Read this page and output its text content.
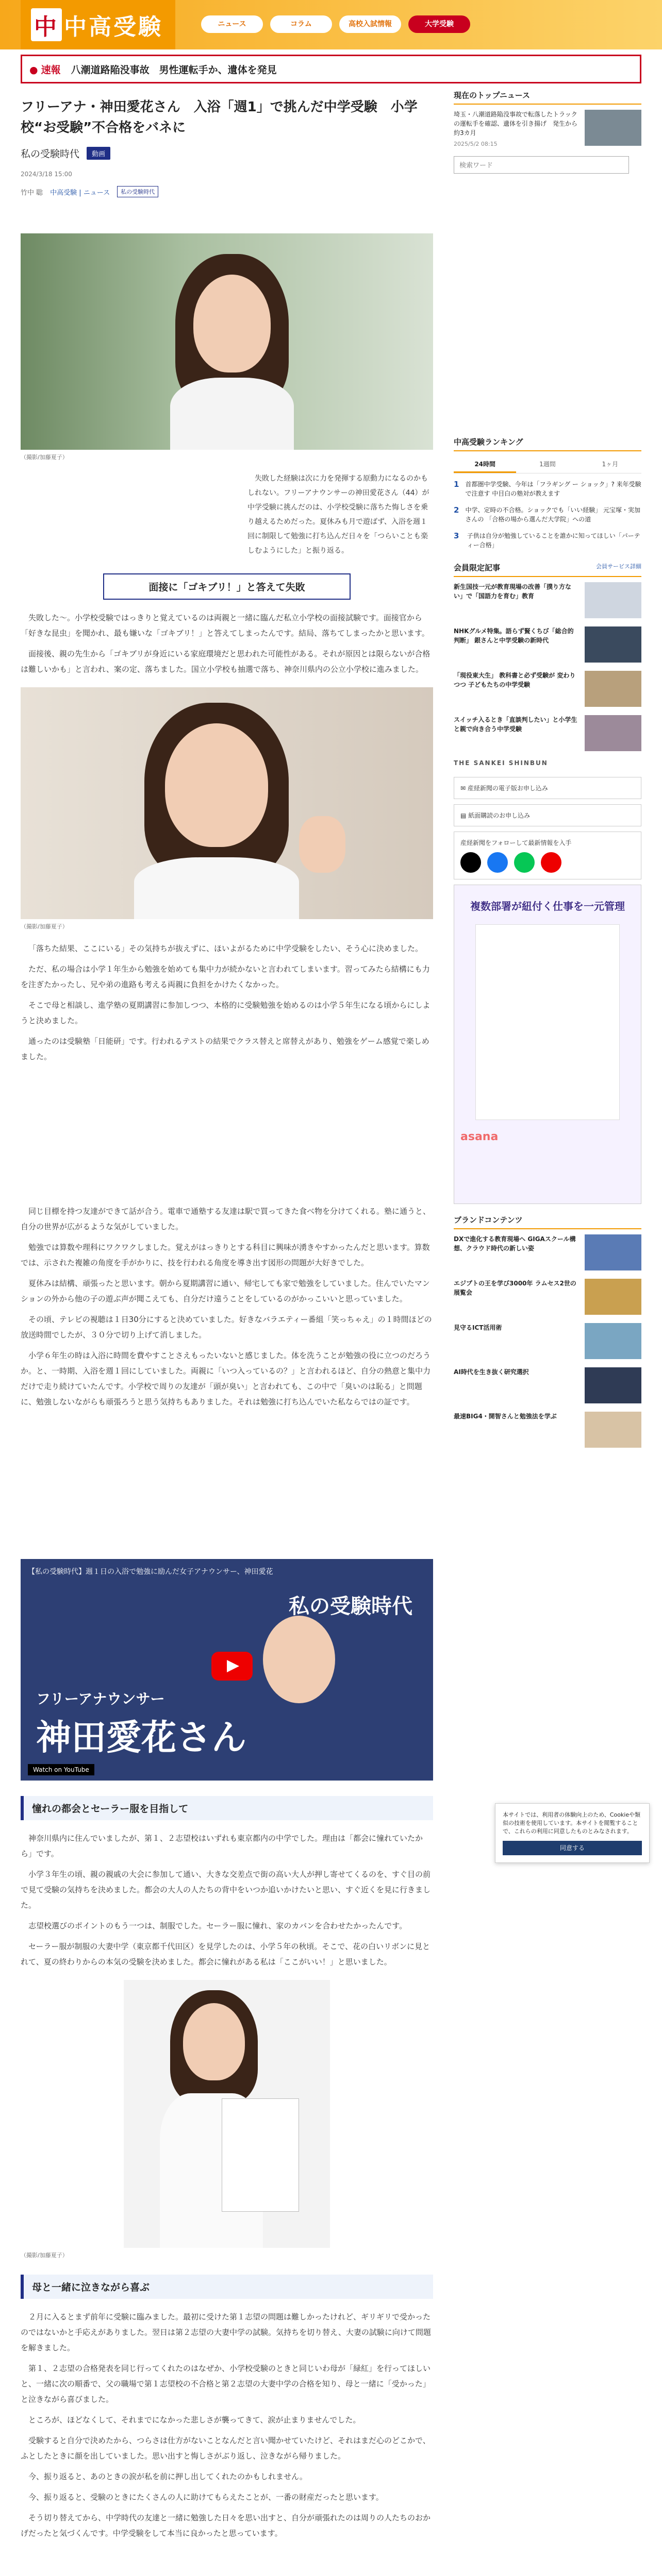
中 中高受験	ニュース	コラム	高校入試情報	大学受験
● 速報 八潮道路陥没事故　男性運転手か、遺体を発見
フリーアナ・神田愛花さん　入浴「週1」で挑んだ中学受験　小学校“お受験”不合格をバネに
私の受験時代	動画
2024/3/18 15:00
竹中 聡 中高受験 | ニュース	私の受験時代
（撮影/加藤夏子）

失敗した経験は次に力を発揮する原動力になるのかもしれない。フリーアナウンサーの神田愛花さん（44）が中学受験に挑んだのは、小学校受験に落ちた悔しさを乗り越えるためだった。夏休みも月で遊ばず、入浴を週１回に制限して勉強に打ち込んだ日々を「つらいことも楽しむようにした」と振り返る。

面接に「ゴキブリ！」と答えて失敗

失敗した～。小学校受験ではっきりと覚えているのは両親と一緒に臨んだ私立小学校の面接試験です。面接官から「好きな昆虫」を聞かれ、最も嫌いな「ゴキブリ！」と答えてしまったんです。結局、落ちてしまったかと思います。

面接後、親の先生から「ゴキブリが身近にいる家庭環境だと思われた可能性がある。それが原因とは限らないが合格は難しいかも」と言われ、案の定、落ちました。国立小学校も抽選で落ち、神奈川県内の公立小学校に進みました。

（撮影/加藤夏子）

「落ちた結果、ここにいる」その気持ちが抜えずに、ほいよがるために中学受験をしたい、そう心に決めました。

ただ、私の場合は小学１年生から勉強を始めても集中力が続かないと言われてしまいます。習ってみたら結構にも力を注ぎたかったし、兄や弟の進路も考える両親に負担をかけたくなかった。

そこで母と相談し、進学塾の夏期講習に参加しつつ、本格的に受験勉強を始めるのは小学５年生になる頃からにしようと決めました。

通ったのは受験塾「日能研」です。行われるテストの結果でクラス替えと席替えがあり、勉強をゲーム感覚で楽しめました。

同じ目標を持つ友達ができて話が合う。電車で通塾する友達は駅で買ってきた食べ物を分けてくれる。塾に通うと、自分の世界が広がるような気がしていました。

勉強では算数や理科にワクワクしました。覚えがはっきりとする科目に興味が湧きやすかったんだと思います。算数では、示された複雑の角度を手がかりに、技を行われる角度を導き出す図形の問題が大好きでした。

夏休みは結構、頑張ったと思います。朝から夏期講習に通い、帰宅しても家で勉強をしていました。住んでいたマンションの外から他の子の遊ぶ声が聞こえても、自分だけ遠うことをしているのがかっこいいと思っていました。

その頃、テレビの視聴は１日30分にすると決めていました。好きなバラエティー番組「笑っちゃえ」の１時間ほどの放送時間でしたが、３０分で切り上げて消しました。

小学６年生の時は入浴に時間を費やすことさえもったいないと感じました。体を洗うことが勉強の役に立つのだろうか。と、一時期、入浴を週１回にしていました。両親に「いつ入っているの？」と言われるほど、自分の熱意と集中力だけで走り続けていたんです。小学校で周りの友達が「頭が臭い」と言われても、この中で「臭いのは恥る」と問題に、勉強しないながらも頑張ろうと思う気持ちもありました。それは勉強に打ち込んでいた私ならではの証です。

【私の受験時代】週１日の入浴で勉強に励んだ女子アナウンサー、神田愛花
私の受験時代
フリーアナウンサー
神田愛花さん
Watch on YouTube
憧れの都会とセーラー服を目指して

神奈川県内に住んでいましたが、第１、２志望校はいずれも東京都内の中学でした。理由は「都会に憧れていたから」です。

小学３年生の頃、親の親戚の大会に参加して通い、大きな交差点で街の高い大人が押し寄せてくるのを、すぐ目の前で見て受験の気持ちを決めました。都会の大人の人たちの背中をいつか追いかけたいと思い、すぐ近くを見に行きました。

志望校選びのポイントのもう一つは、制服でした。セーラー服に憧れ、家のカバンを合わせたかったんです。

セーラー服が制服の大妻中学（東京都千代田区）を見学したのは、小学５年の秋頃。そこで、花の白いリボンに見とれて、夏の終わりからの本気の受験を決めました。都会に憧れがある私は「ここがいい！」と思いました。

（撮影/加藤夏子）
母と一緒に泣きながら喜ぶ

２月に入るとまず前年に受験に臨みました。最初に受けた第１志望の問題は難しかったけれど、ギリギリで受かったのではないかと手応えがありました。翌日は第２志望の大妻中学の試験。気持ちを切り替え、大妻の試験に向けて問題を解きました。

第１、２志望の合格発表を同じ行ってくれたのはなぜか、小学校受験のときと同じいわ母が「緑紅」を行ってほしいと、一緒に次の順番で、父の職場で第１志望校の不合格と第２志望の大妻中学の合格を知り、母と一緒に「受かった」と泣きながら喜びました。

ところが、ほどなくして、それまでになかった悲しさが襲ってきて、涙が止まりませんでした。

受験すると自分で決めたから、つらさは仕方がないことなんだと言い聞かせていたけど、それはまだ心のどこかで、ふとしたときに顔を出していました。思い出すと悔しさがぶり返し、泣きながら帰りました。

今、振り返ると、あのときの涙が私を前に押し出してくれたのかもしれません。

今、振り返ると、受験のときにたくさんの人に助けてもらえたことが、一番の財産だったと思います。

そう切り替えてから、中学時代の友達と一緒に勉強した日々を思い出すと、自分が頑張れたのは周りの人たちのおかげだったと気づくんです。中学受験をして本当に良かったと思っています。

現在のトップニュース
埼玉・八潮道路陥没事故で転落したトラックの運転手を確認、遺体を引き揚げ　発生から約3カ月
2025/5/2 08:15
検索ワード
中高受験ランキング
24時間	1週間	1ヶ月
1 首都圏中学受験、今年は「フラギング ー ショック」? 来年受験で注意す 中目白の塾対が教えます
2 中学、定時の不合格。ショックでも「いい経験」 元宝塚・実加さんの 「合格の場から選んだ大学院」への道
3 子供は自分が勉強していることを誰かに知ってほしい「パーティー合格」
会員限定記事	会員サービス詳細
新生国技一元が教育現場の改善「撲り方ない」で「国語力を育む」教育
NHKグルメ特集。語らず賢くちび「総合的判断」 銀さんと中学受験の新時代
「現役東大生」 教科書と必ず受験が 変わりつつ 子どもたちの中学受験
スイッチ入るとき「直談判したい」と小学生と親で向き合う中学受験
THE SANKEI SHINBUN
✉ 産経新聞の電子版お申し込み
▤ 紙面購読のお申し込み
産経新聞をフォローして最新情報を入手
複数部署が紐付く仕事を一元管理
asana
ブランドコンテンツ
DXで進化する教育現場へ GIGAスクール構想、クラウド時代の新しい姿
エジプトの王を学び3000年 ラムセス2世の展覧会
見守るICT活用術
AI時代を生き抜く研究選択
最速BIG4・開智さんと勉強法を学ぶ
本サイトでは、利用者の体験向上のため、Cookieや類似の技術を使用しています。本サイトを閲覧することで、これらの利用に同意したものとみなされます。
同意する
